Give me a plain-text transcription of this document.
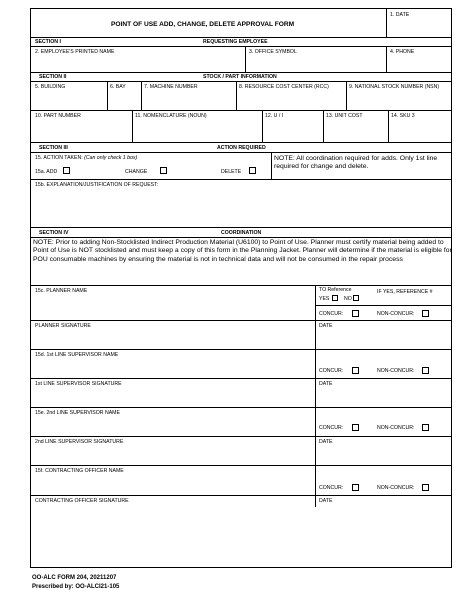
POINT OF USE ADD, CHANGE, DELETE APPROVAL FORM
1. DATE
SECTION I	REQUESTING EMPLOYEE
2. EMPLOYEE'S PRINTED NAME	3. OFFICE SYMBOL	4. PHONE
SECTION II	STOCK / PART INFORMATION
5. BUILDING	6. BAY	7. MACHINE NUMBER	8. RESOURCE COST CENTER (RCC)	9. NATIONAL STOCK NUMBER (NSN)
10. PART NUMBER	11. NOMENCLATURE (NOUN)	12. U / I	13. UNIT COST	14. SKU 3
SECTION III	ACTION REQUIRED
15. ACTION TAKEN: (Can only check 1 box)
15a. ADD	CHANGE	DELETE
NOTE: All coordination required for adds. Only 1st line required for change and delete.
15b. EXPLANATION/JUSTIFICATION OF REQUEST:
SECTION IV	COORDINATION
NOTE: Prior to adding Non-Stocklisted Indirect Production Material (U6100) to Point of Use. Planner must certify material being added to Point of Use is NOT stocklisted and must keep a copy of this form in the Planning Jacket. Planner will determine if the material is eligible for POU consumable machines by ensuring the material is not in technical data and will not be consumed in the repair process
15c. PLANNER NAME	TO Reference
YES	NO
IF YES, REFERENCE #
CONCUR:	NON-CONCUR:
PLANNER SIGNATURE	DATE
15d. 1st LINE SUPERVISOR NAME
CONCUR:	NON-CONCUR:
1st LINE SUPERVISOR SIGNATURE	DATE
15e. 2nd LINE SUPERVISOR NAME
CONCUR:	NON-CONCUR:
2nd LINE SUPERVISOR SIGNATURE	DATE
15f. CONTRACTING OFFICER NAME
CONCUR:	NON-CONCUR:
CONTRACTING OFFICER SIGNATURE	DATE
OO-ALC FORM 204, 20211207
Prescribed by: OO-ALCI21-105
